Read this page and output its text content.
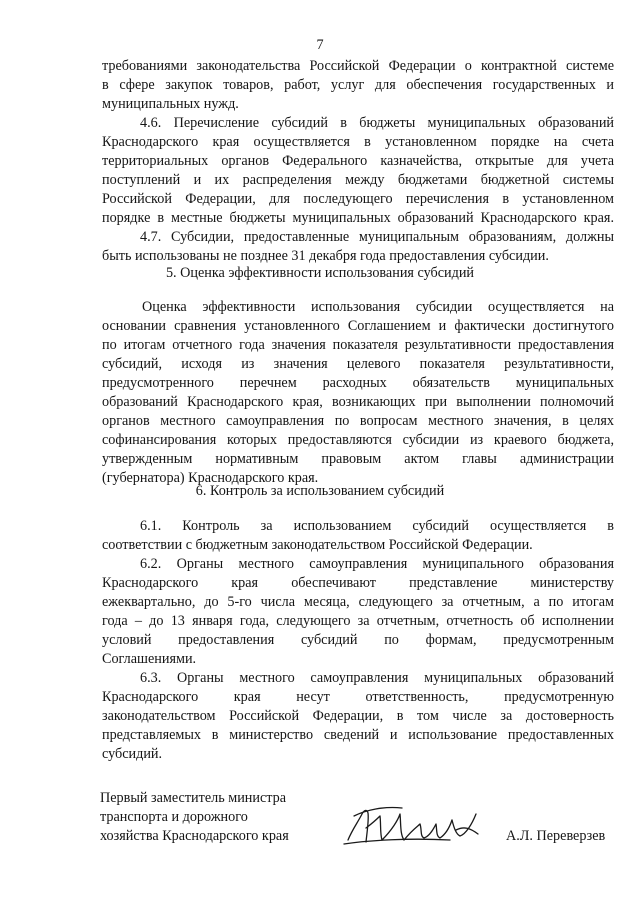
7

требованиями законодательства Российской Федерации о контрактной системе

в сфере закупок товаров, работ, услуг для обеспечения государственных и

муниципальных нужд.

4.6. Перечисление субсидий в бюджеты муниципальных образований

Краснодарского края осуществляется в установленном порядке на счета

территориальных органов Федерального казначейства, открытые для учета

поступлений и их распределения между бюджетами бюджетной системы

Российской Федерации, для последующего перечисления в установленном

порядке в местные бюджеты муниципальных образований Краснодарского края.

4.7. Субсидии, предоставленные муниципальным образованиям, должны

быть использованы не позднее 31 декабря года предоставления субсидии.

5. Оценка эффективности использования субсидий

Оценка эффективности использования субсидии осуществляется на

основании сравнения установленного Соглашением и фактически достигнутого

по итогам отчетного года значения показателя результативности предоставления

субсидий, исходя из значения целевого показателя результативности,

предусмотренного перечнем расходных обязательств муниципальных

образований Краснодарского края, возникающих при выполнении полномочий

органов местного самоуправления по вопросам местного значения, в целях

софинансирования которых предоставляются субсидии из краевого бюджета,

утвержденным нормативным правовым актом главы администрации

(губернатора) Краснодарского края.

6. Контроль за использованием субсидий

6.1. Контроль за использованием субсидий осуществляется в

соответствии с бюджетным законодательством Российской Федерации.

6.2. Органы местного самоуправления муниципального образования

Краснодарского края обеспечивают представление министерству

ежеквартально, до 5-го числа месяца, следующего за отчетным, а по итогам

года – до 13 января года, следующего за отчетным, отчетность об исполнении

условий предоставления субсидий по формам, предусмотренным

Соглашениями.

6.3. Органы местного самоуправления муниципальных образований

Краснодарского края несут ответственность, предусмотренную

законодательством Российской Федерации, в том числе за достоверность

представляемых в министерство сведений и использование предоставленных

субсидий.

Первый заместитель министра

транспорта и дорожного

хозяйства Краснодарского края	А.Л. Переверзев
